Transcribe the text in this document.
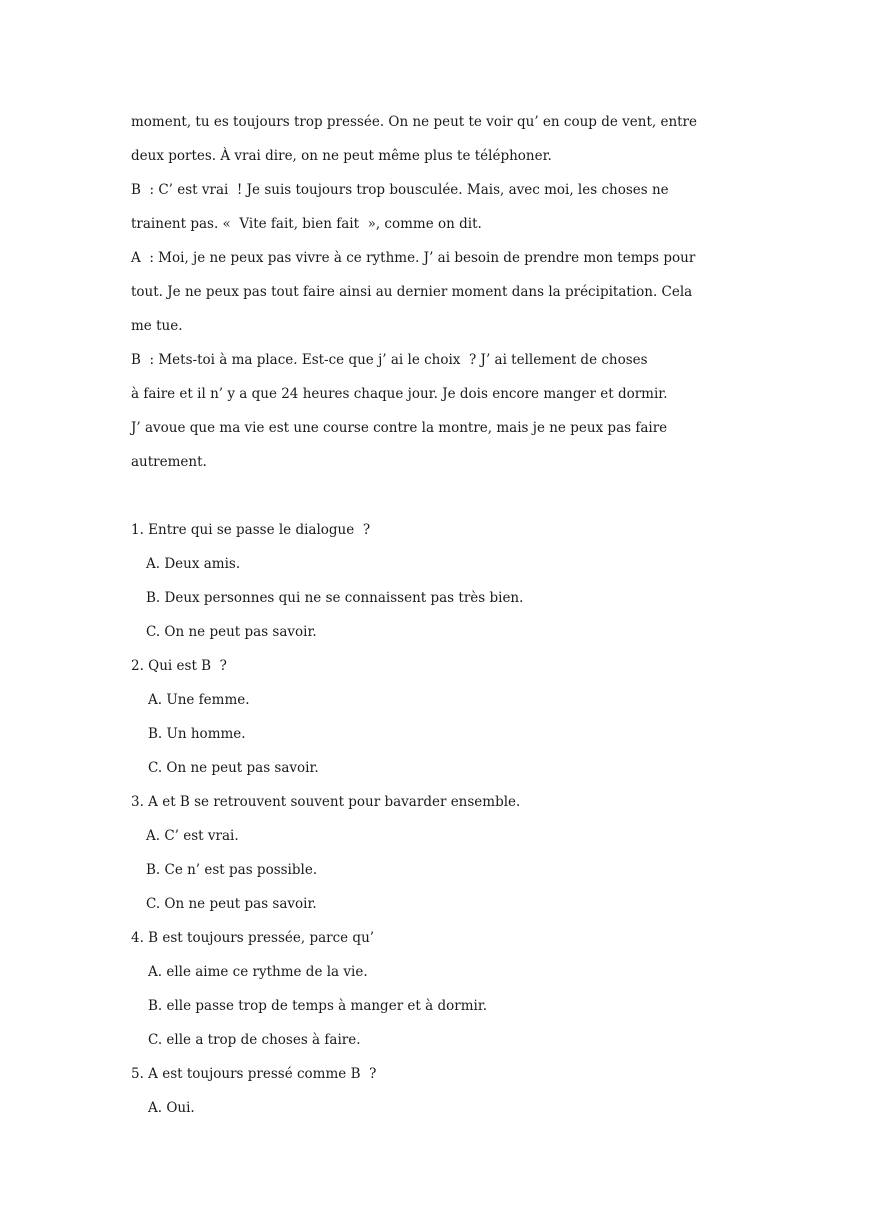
moment, tu es toujours trop pressée. On ne peut te voir qu’ en coup de vent, entre

deux portes. À vrai dire, on ne peut même plus te téléphoner.

B  : C’ est vrai  ! Je suis toujours trop bousculée. Mais, avec moi, les choses ne

trainent pas. «  Vite fait, bien fait  », comme on dit.

A  : Moi, je ne peux pas vivre à ce rythme. J’ ai besoin de prendre mon temps pour

tout. Je ne peux pas tout faire ainsi au dernier moment dans la précipitation. Cela

me tue.

B  : Mets-toi à ma place. Est-ce que j’ ai le choix  ? J’ ai tellement de choses

à faire et il n’ y a que 24 heures chaque jour. Je dois encore manger et dormir.

J’ avoue que ma vie est une course contre la montre, mais je ne peux pas faire

autrement.

1. Entre qui se passe le dialogue  ?

A. Deux amis.

B. Deux personnes qui ne se connaissent pas très bien.

C. On ne peut pas savoir.

2. Qui est B  ?

A. Une femme.

B. Un homme.

C. On ne peut pas savoir.

3. A et B se retrouvent souvent pour bavarder ensemble.

A. C’ est vrai.

B. Ce n’ est pas possible.

C. On ne peut pas savoir.

4. B est toujours pressée, parce qu’

A. elle aime ce rythme de la vie.

B. elle passe trop de temps à manger et à dormir.

C. elle a trop de choses à faire.

5. A est toujours pressé comme B  ?

A. Oui.
